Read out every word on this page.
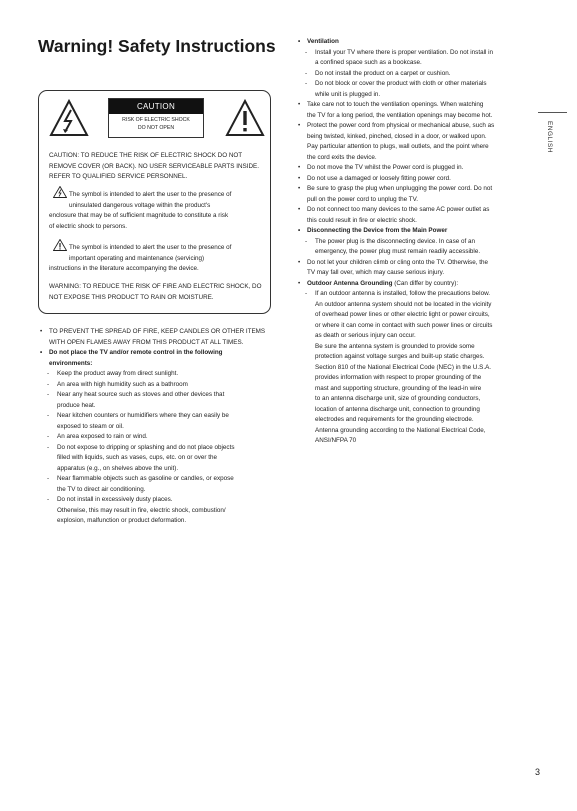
Warning! Safety Instructions
CAUTION
RISK OF ELECTRIC SHOCK
DO NOT OPEN
CAUTION: TO REDUCE THE RISK OF ELECTRIC SHOCK DO NOT
REMOVE COVER (OR BACK). NO USER SERVICEABLE PARTS INSIDE.
REFER TO QUALIFIED SERVICE PERSONNEL.
The symbol is intended to alert the user to the presence of
uninsulated dangerous voltage within the product's
enclosure that may be of sufficient magnitude to constitute a risk
of electric shock to persons.
The symbol is intended to alert the user to the presence of
important operating and maintenance (servicing)
instructions in the literature accompanying the device.
WARNING: TO REDUCE THE RISK OF FIRE AND ELECTRIC SHOCK, DO
NOT EXPOSE THIS PRODUCT TO RAIN OR MOISTURE.
• TO PREVENT THE SPREAD OF FIRE, KEEP CANDLES OR OTHER ITEMS
WITH OPEN FLAMES AWAY FROM THIS PRODUCT AT ALL TIMES.
• Do not place the TV and/or remote control in the following
environments:
- Keep the product away from direct sunlight.
- An area with high humidity such as a bathroom
- Near any heat source such as stoves and other devices that
produce heat.
- Near kitchen counters or humidifiers where they can easily be
exposed to steam or oil.
- An area exposed to rain or wind.
- Do not expose to dripping or splashing and do not place objects
filled with liquids, such as vases, cups, etc. on or over the
apparatus (e.g., on shelves above the unit).
- Near flammable objects such as gasoline or candles, or expose
the TV to direct air conditioning.
- Do not install in excessively dusty places.
Otherwise, this may result in fire, electric shock, combustion/
explosion, malfunction or product deformation.
• Ventilation
- Install your TV where there is proper ventilation. Do not install in
a confined space such as a bookcase.
- Do not install the product on a carpet or cushion.
- Do not block or cover the product with cloth or other materials
while unit is plugged in.
• Take care not to touch the ventilation openings. When watching
the TV for a long period, the ventilation openings may become hot.
• Protect the power cord from physical or mechanical abuse, such as
being twisted, kinked, pinched, closed in a door, or walked upon.
Pay particular attention to plugs, wall outlets, and the point where
the cord exits the device.
• Do not move the TV whilst the Power cord is plugged in.
• Do not use a damaged or loosely fitting power cord.
• Be sure to grasp the plug when unplugging the power cord. Do not
pull on the power cord to unplug the TV.
• Do not connect too many devices to the same AC power outlet as
this could result in fire or electric shock.
• Disconnecting the Device from the Main Power
- The power plug is the disconnecting device. In case of an
emergency, the power plug must remain readily accessible.
• Do not let your children climb or cling onto the TV. Otherwise, the
TV may fall over, which may cause serious injury.
• Outdoor Antenna Grounding (Can differ by country):
- If an outdoor antenna is installed, follow the precautions below.
An outdoor antenna system should not be located in the vicinity
of overhead power lines or other electric light or power circuits,
or where it can come in contact with such power lines or circuits
as death or serious injury can occur.
Be sure the antenna system is grounded to provide some
protection against voltage surges and built-up static charges.
Section 810 of the National Electrical Code (NEC) in the U.S.A.
provides information with respect to proper grounding of the
mast and supporting structure, grounding of the lead-in wire
to an antenna discharge unit, size of grounding conductors,
location of antenna discharge unit, connection to grounding
electrodes and requirements for the grounding electrode.
Antenna grounding according to the National Electrical Code,
ANSI/NFPA 70
ENGLISH
3
